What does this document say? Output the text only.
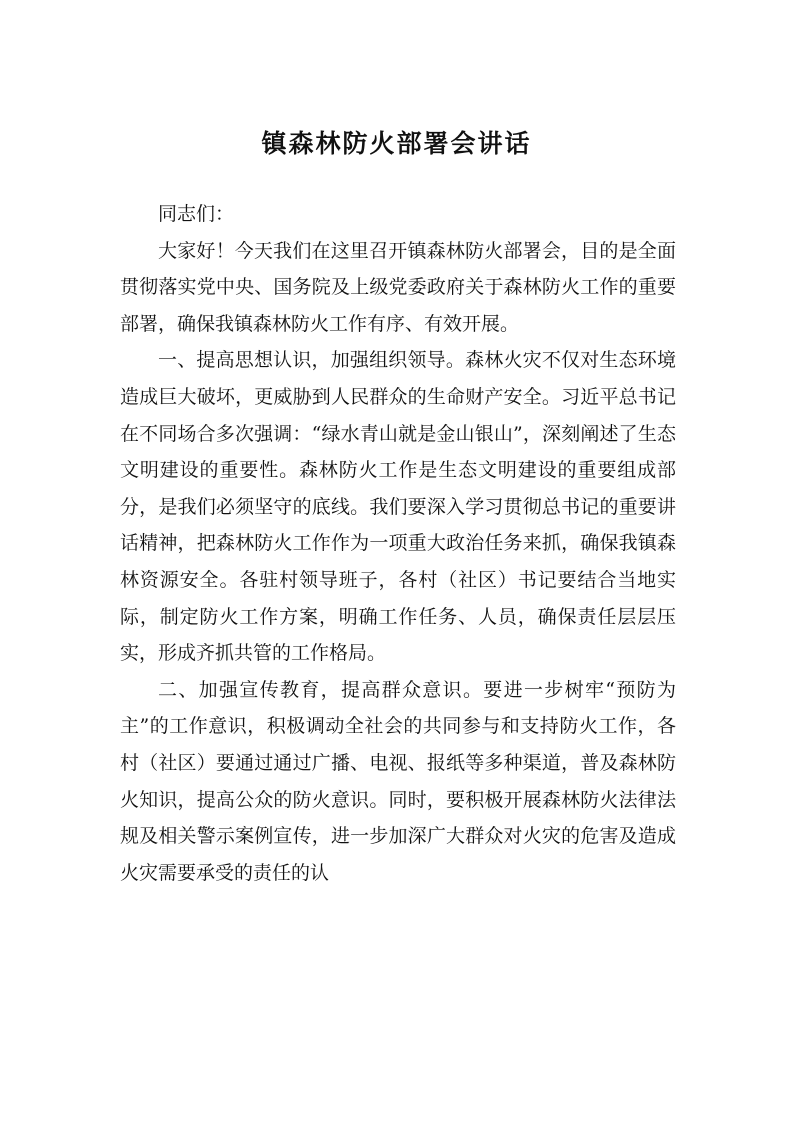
镇森林防火部署会讲话

同志们：

大家好！今天我们在这里召开镇森林防火部署会，目的是全面贯彻落实党中央、国务院及上级党委政府关于森林防火工作的重要部署，确保我镇森林防火工作有序、有效开展。

一、提高思想认识，加强组织领导。森林火灾不仅对生态环境造成巨大破坏，更威胁到人民群众的生命财产安全。习近平总书记在不同场合多次强调：“绿水青山就是金山银山”，深刻阐述了生态文明建设的重要性。森林防火工作是生态文明建设的重要组成部分，是我们必须坚守的底线。我们要深入学习贯彻总书记的重要讲话精神，把森林防火工作作为一项重大政治任务来抓，确保我镇森林资源安全。各驻村领导班子，各村（社区）书记要结合当地实际，制定防火工作方案，明确工作任务、人员，确保责任层层压实，形成齐抓共管的工作格局。

二、加强宣传教育，提高群众意识。要进一步树牢“预防为主”的工作意识，积极调动全社会的共同参与和支持防火工作，各村（社区）要通过通过广播、电视、报纸等多种渠道，普及森林防火知识，提高公众的防火意识。同时，要积极开展森林防火法律法规及相关警示案例宣传，进一步加深广大群众对火灾的危害及造成火灾需要承受的责任的认
